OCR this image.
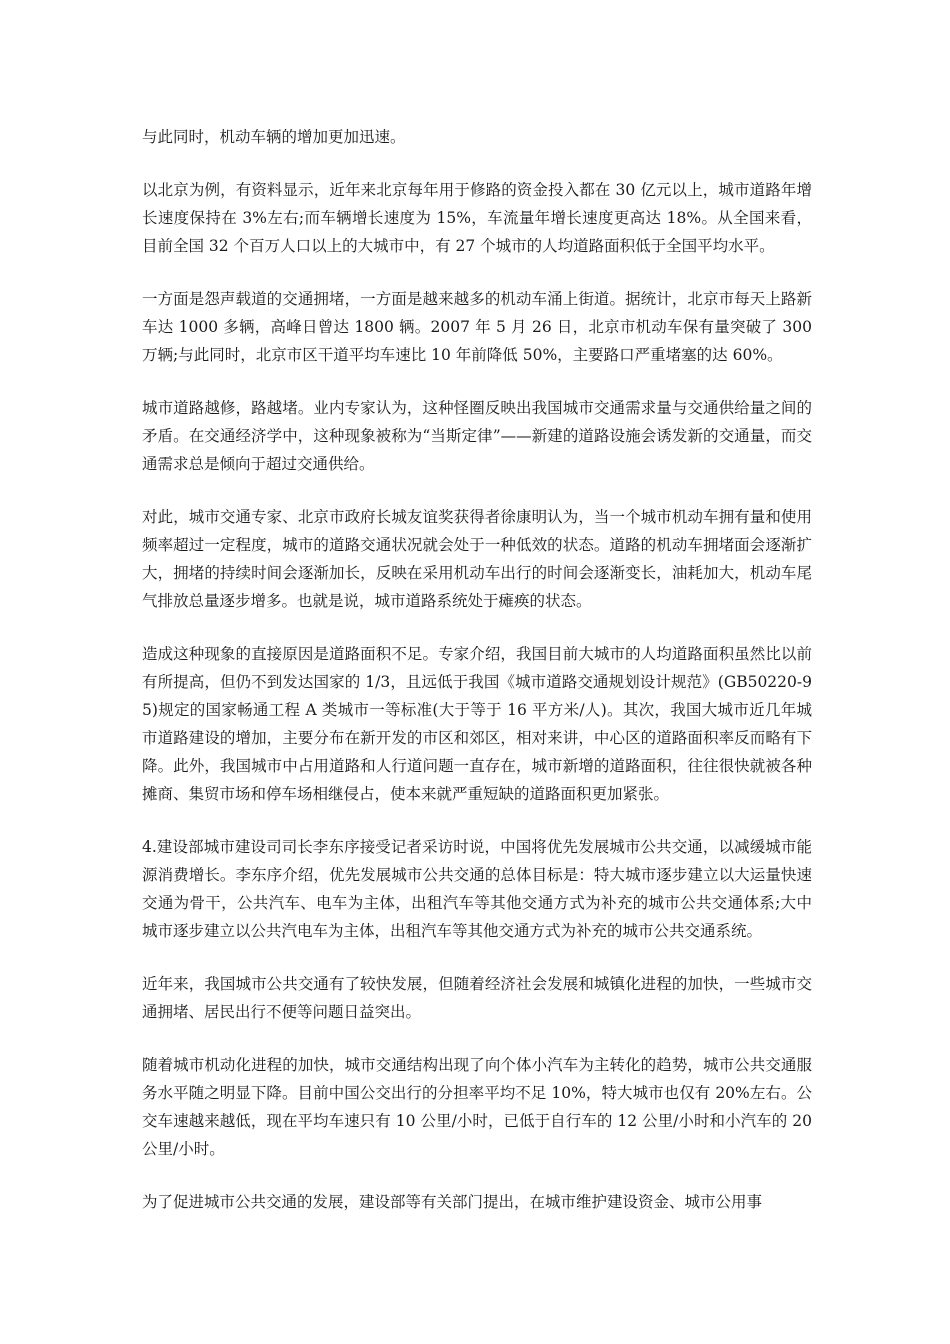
与此同时，机动车辆的增加更加迅速。

以北京为例，有资料显示，近年来北京每年用于修路的资金投入都在 30 亿元以上，城市道路年增长速度保持在 3%左右;而车辆增长速度为 15%，车流量年增长速度更高达 18%。从全国来看，目前全国 32 个百万人口以上的大城市中，有 27 个城市的人均道路面积低于全国平均水平。

一方面是怨声载道的交通拥堵，一方面是越来越多的机动车涌上街道。据统计，北京市每天上路新车达 1000 多辆，高峰日曾达 1800 辆。2007 年 5 月 26 日，北京市机动车保有量突破了 300 万辆;与此同时，北京市区干道平均车速比 10 年前降低 50%，主要路口严重堵塞的达 60%。

城市道路越修，路越堵。业内专家认为，这种怪圈反映出我国城市交通需求量与交通供给量之间的矛盾。在交通经济学中，这种现象被称为“当斯定律”——新建的道路设施会诱发新的交通量，而交通需求总是倾向于超过交通供给。

对此，城市交通专家、北京市政府长城友谊奖获得者徐康明认为，当一个城市机动车拥有量和使用频率超过一定程度，城市的道路交通状况就会处于一种低效的状态。道路的机动车拥堵面会逐渐扩大，拥堵的持续时间会逐渐加长，反映在采用机动车出行的时间会逐渐变长，油耗加大，机动车尾气排放总量逐步增多。也就是说，城市道路系统处于瘫痪的状态。

造成这种现象的直接原因是道路面积不足。专家介绍，我国目前大城市的人均道路面积虽然比以前有所提高，但仍不到发达国家的 1/3，且远低于我国《城市道路交通规划设计规范》(GB50220-95)规定的国家畅通工程 A 类城市一等标准(大于等于 16 平方米/人)。其次，我国大城市近几年城市道路建设的增加，主要分布在新开发的市区和郊区，相对来讲，中心区的道路面积率反而略有下降。此外，我国城市中占用道路和人行道问题一直存在，城市新增的道路面积，往往很快就被各种摊商、集贸市场和停车场相继侵占，使本来就严重短缺的道路面积更加紧张。

4.建设部城市建设司司长李东序接受记者采访时说，中国将优先发展城市公共交通，以减缓城市能源消费增长。李东序介绍，优先发展城市公共交通的总体目标是：特大城市逐步建立以大运量快速交通为骨干，公共汽车、电车为主体，出租汽车等其他交通方式为补充的城市公共交通体系;大中城市逐步建立以公共汽电车为主体，出租汽车等其他交通方式为补充的城市公共交通系统。

近年来，我国城市公共交通有了较快发展，但随着经济社会发展和城镇化进程的加快，一些城市交通拥堵、居民出行不便等问题日益突出。

随着城市机动化进程的加快，城市交通结构出现了向个体小汽车为主转化的趋势，城市公共交通服务水平随之明显下降。目前中国公交出行的分担率平均不足 10%，特大城市也仅有 20%左右。公交车速越来越低，现在平均车速只有 10 公里/小时，已低于自行车的 12 公里/小时和小汽车的 20 公里/小时。

为了促进城市公共交通的发展，建设部等有关部门提出，在城市维护建设资金、城市公用事
